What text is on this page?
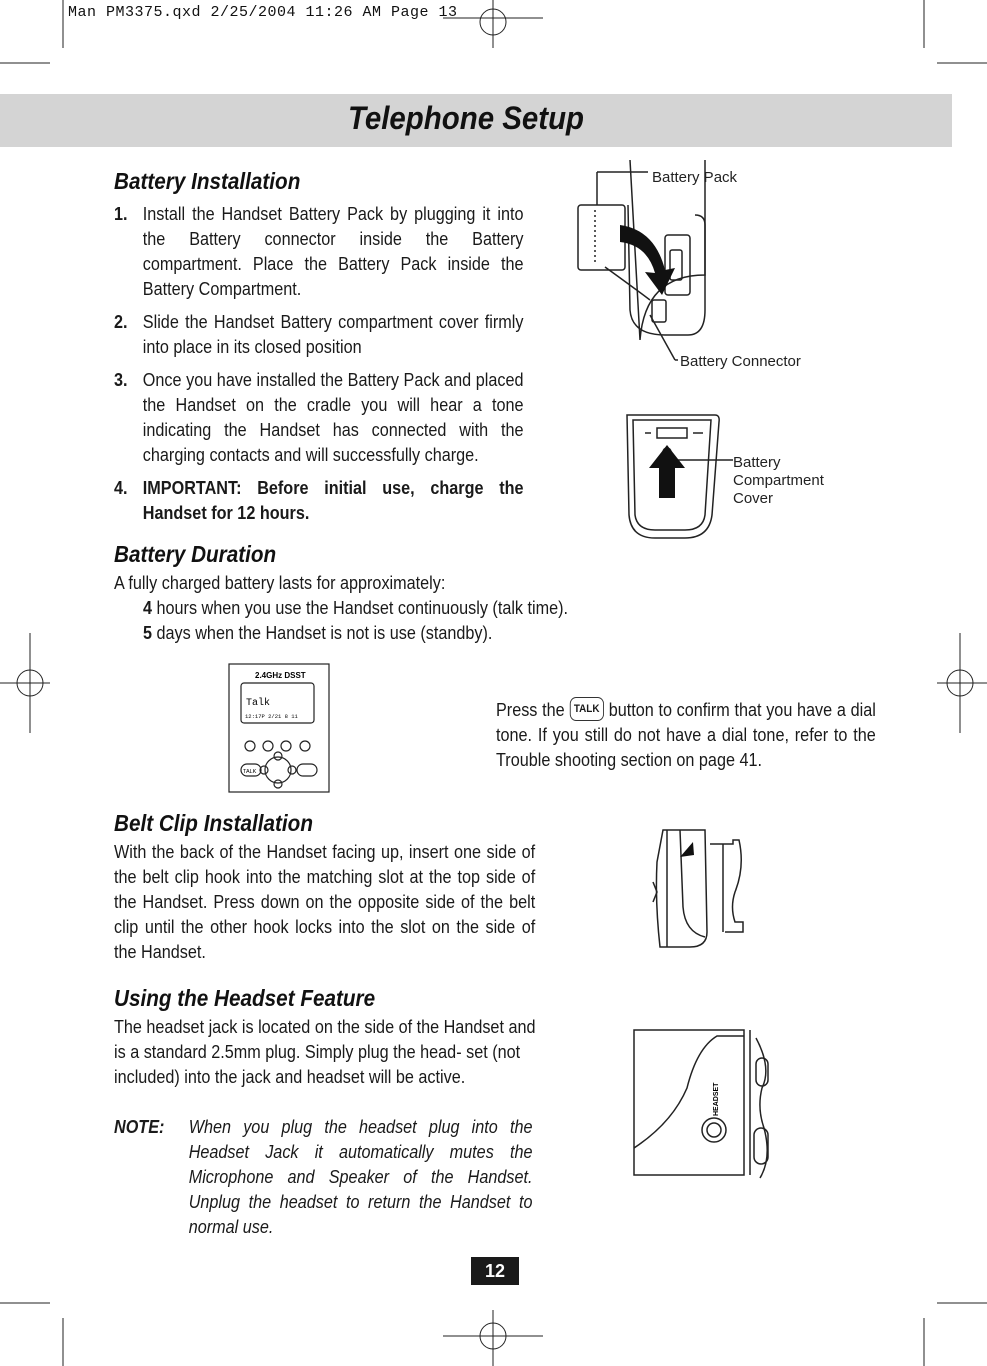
Man PM3375.qxd 2/25/2004 11:26 AM Page 13
Telephone Setup
Battery Installation
1. Install the Handset Battery Pack by plugging it into the Battery connector inside the Battery compartment. Place the Battery Pack inside the Battery Compartment.
2. Slide the Handset Battery compartment cover firmly into place in its closed position
3. Once you have installed the Battery Pack and placed the Handset on the cradle you will hear a tone indicating the Handset has connected with the charging contacts and will successfully charge.
4. IMPORTANT: Before initial use, charge the Handset for 12 hours.
Battery Pack
Battery Connector
Battery
Compartment
Cover
Battery Duration
A fully charged battery lasts for approximately:
4 hours when you use the Handset continuously (talk time).
5 days when the Handset is not is use (standby).
2.4GHz DSST
Talk
12:17P 2/21 8 11
TALK
Press the TALK button to confirm that you have a dial tone. If you still do not have a dial tone, refer to the Trouble shooting section on page 41.
Belt Clip Installation
With the back of the Handset facing up, insert one side of the belt clip hook into the matching slot at the top side of the Handset. Press down on the opposite side of the belt clip until the other hook locks into the slot on the side of the Handset.
Using the Headset Feature
The headset jack is located on the side of the Handset and is a standard 2.5mm plug. Simply plug the head- set (not included) into the jack and headset will be active.
NOTE:	When you plug the headset plug into the Headset Jack it automatically mutes the Microphone and Speaker of the Handset. Unplug the headset to return the Handset to normal use.
HEADSET
12
